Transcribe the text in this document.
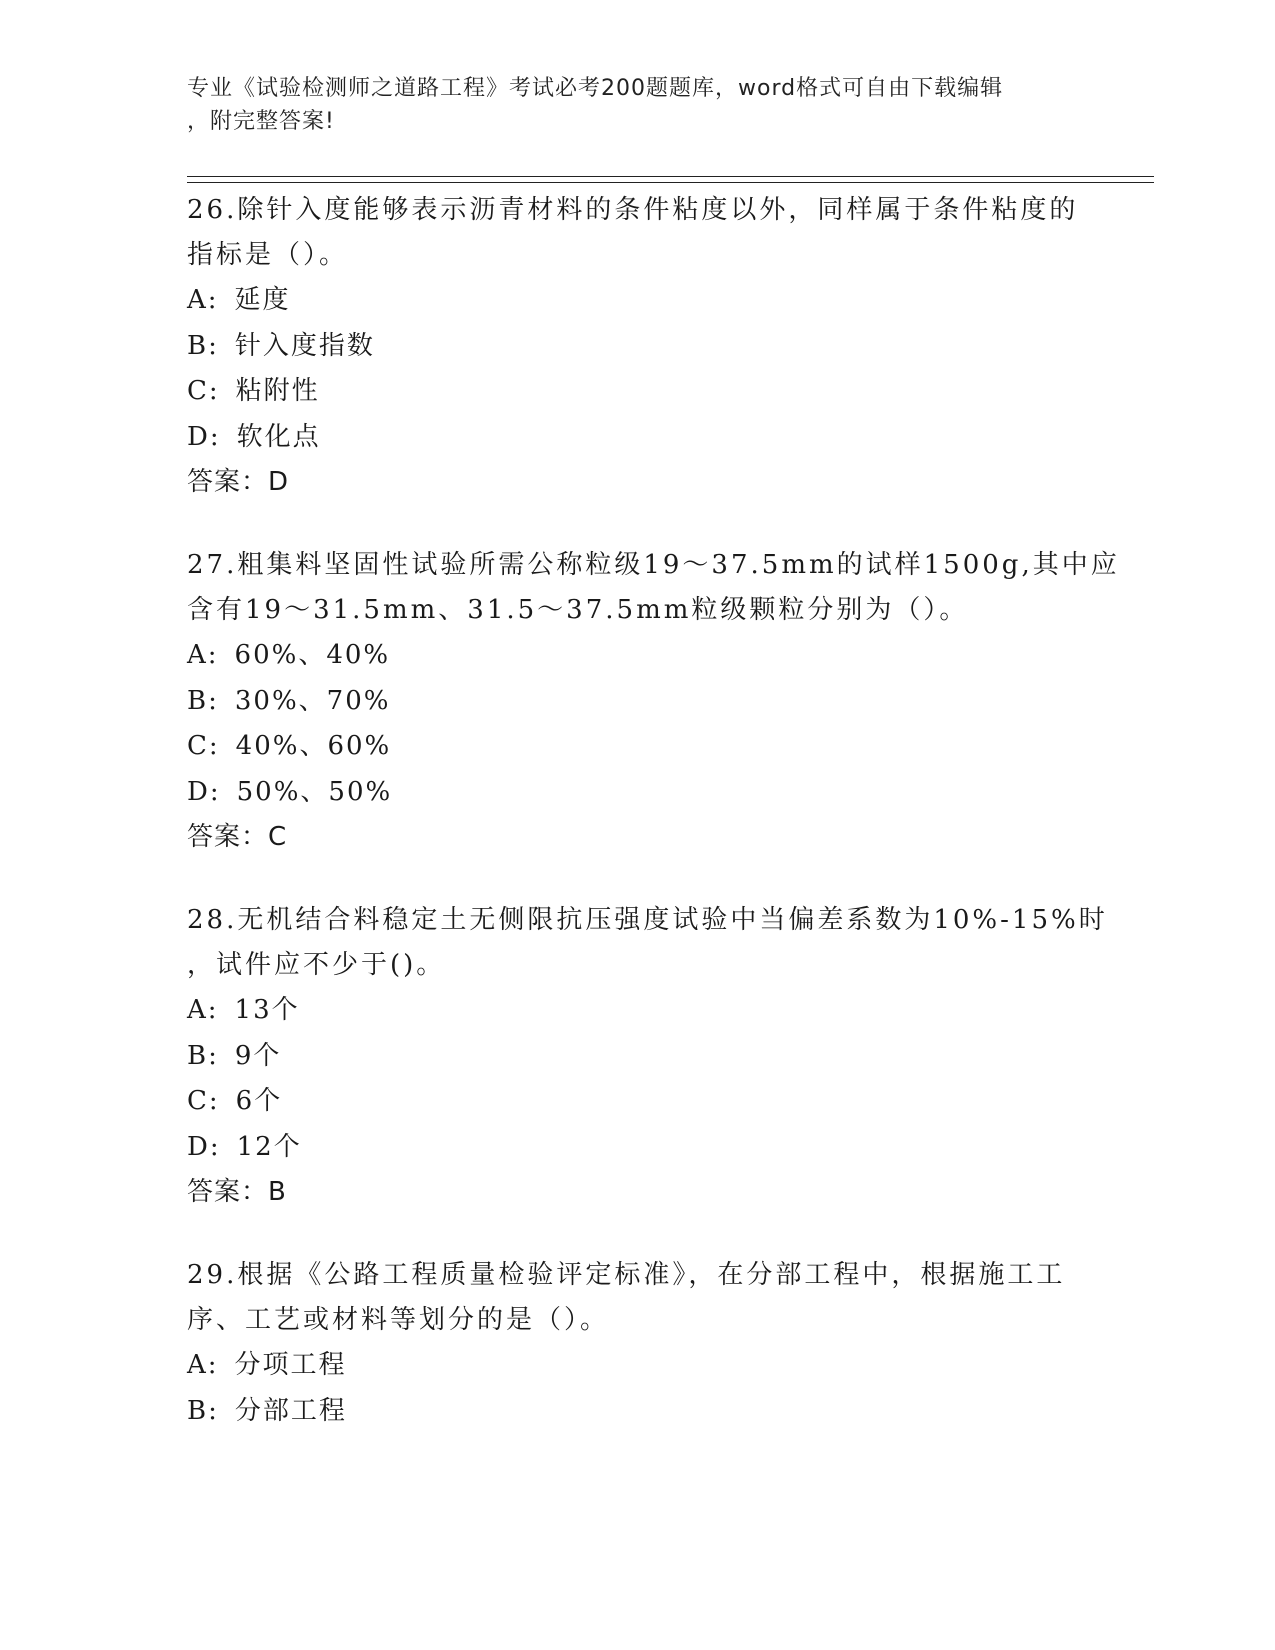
专业《试验检测师之道路工程》考试必考200题题库，word格式可自由下载编辑
，附完整答案!
26.除针入度能够表示沥青材料的条件粘度以外，同样属于条件粘度的
指标是（）。
A: 延度
B: 针入度指数
C: 粘附性
D: 软化点
答案：D
27.粗集料坚固性试验所需公称粒级19～37.5mm的试样1500g,其中应
含有19～31.5mm、31.5～37.5mm粒级颗粒分别为（）。
A: 60%、40%
B: 30%、70%
C: 40%、60%
D: 50%、50%
答案：C
28.无机结合料稳定土无侧限抗压强度试验中当偏差系数为10%-15%时
，试件应不少于()。
A: 13个
B: 9个
C: 6个
D: 12个
答案：B
29.根据《公路工程质量检验评定标准》，在分部工程中，根据施工工
序、工艺或材料等划分的是（）。
A: 分项工程
B: 分部工程
